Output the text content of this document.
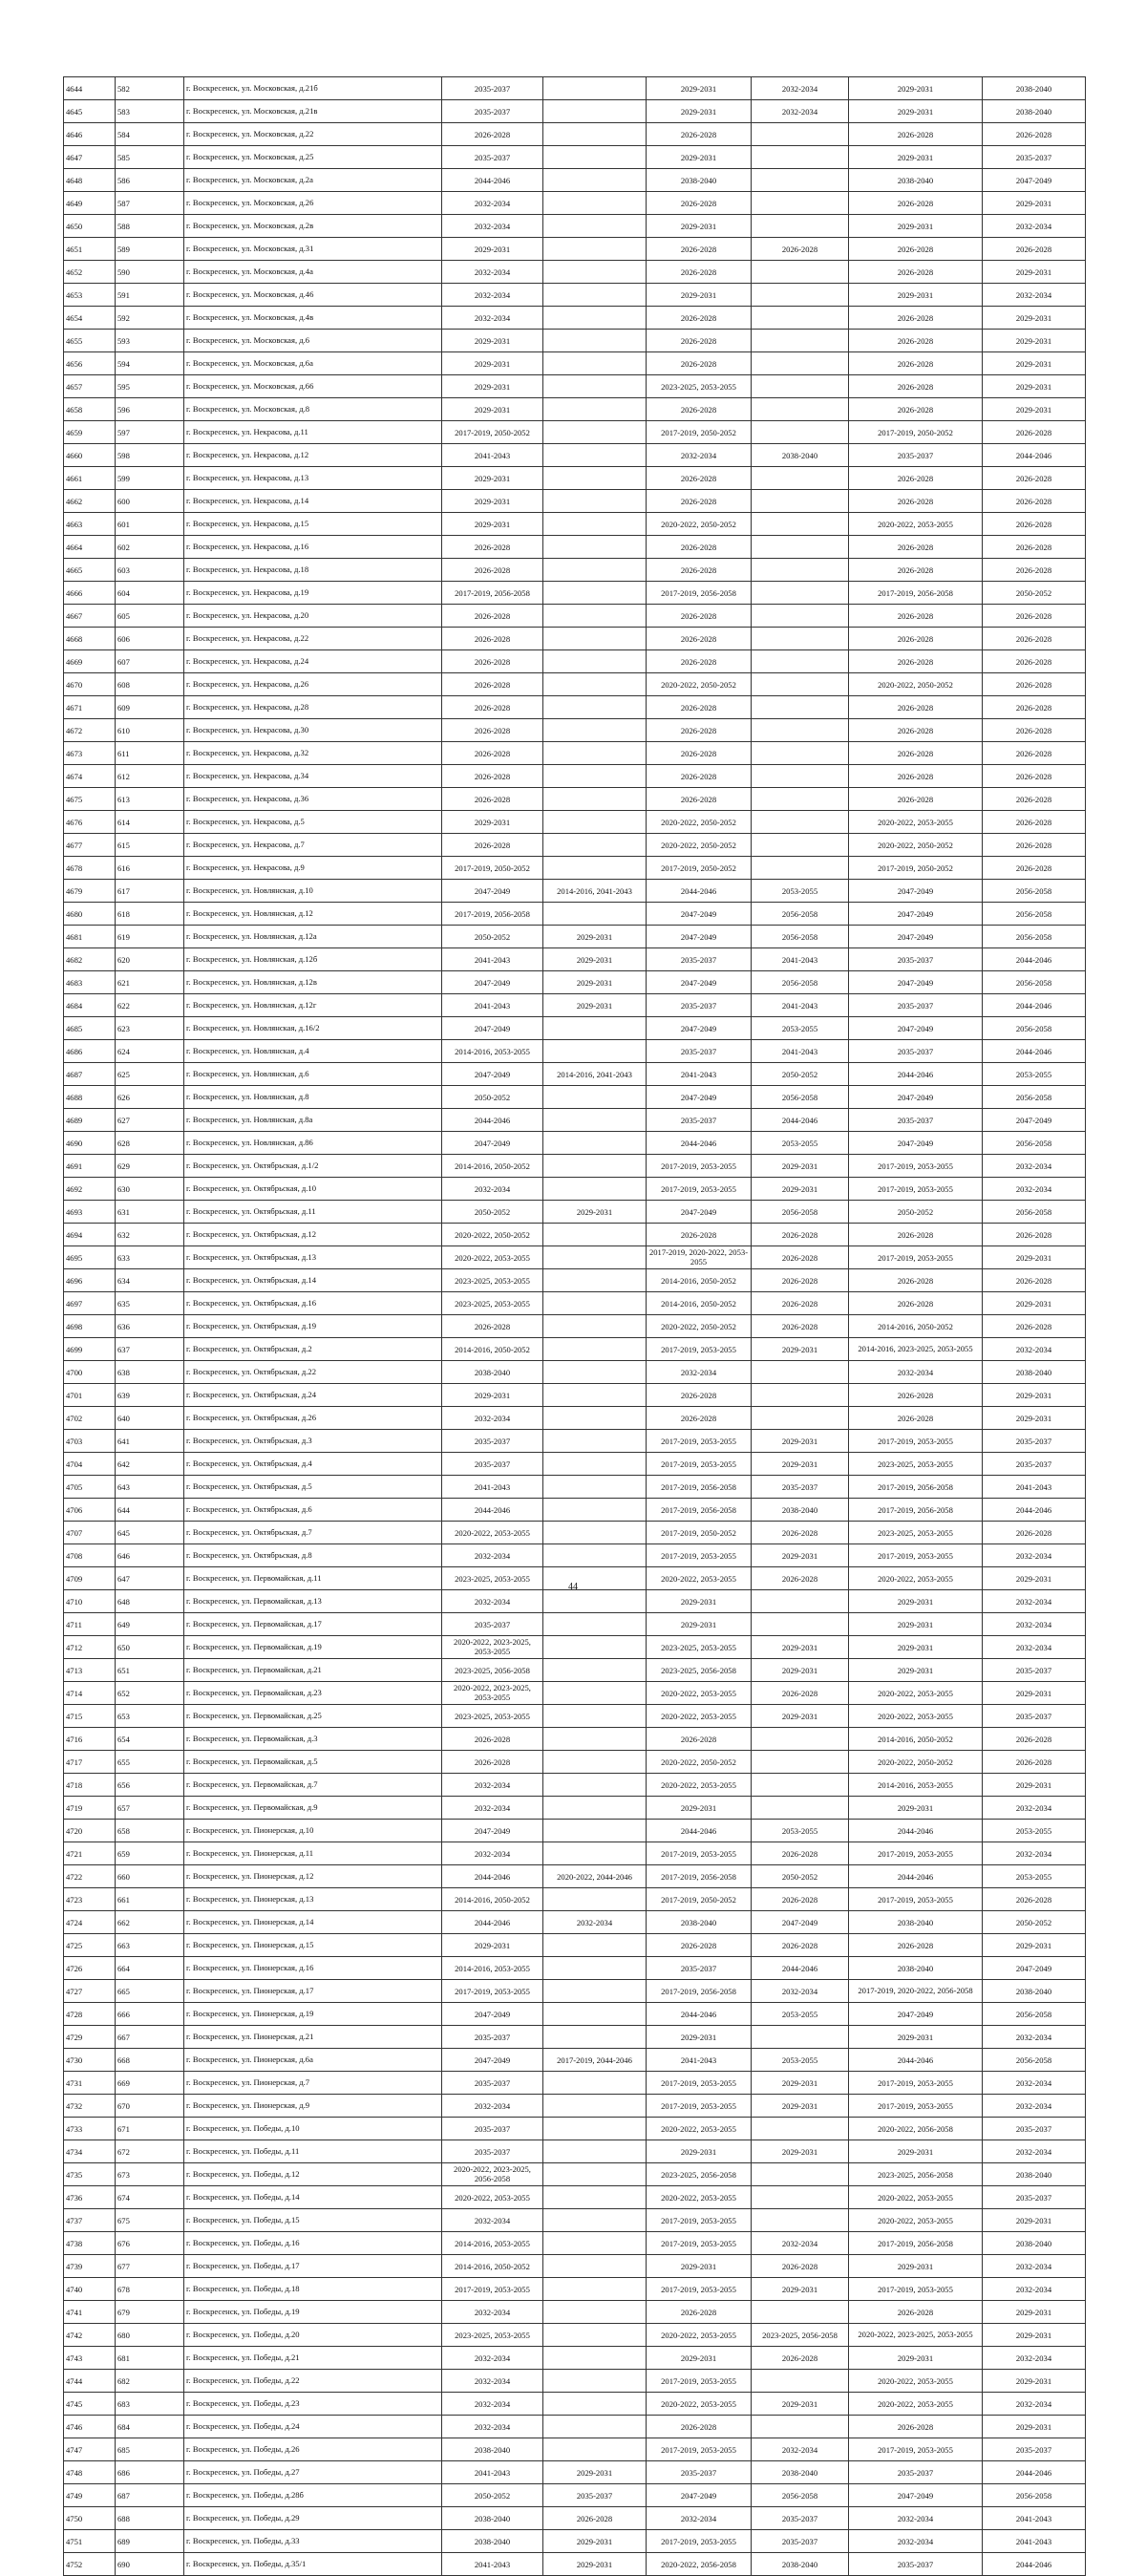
4644	582	г. Воскресенск, ул. Московская, д.21б	2035-2037		2029-2031	2032-2034	2029-2031	2038-2040
4645	583	г. Воскресенск, ул. Московская, д.21в	2035-2037		2029-2031	2032-2034	2029-2031	2038-2040
4646	584	г. Воскресенск, ул. Московская, д.22	2026-2028		2026-2028		2026-2028	2026-2028
4647	585	г. Воскресенск, ул. Московская, д.25	2035-2037		2029-2031		2029-2031	2035-2037
4648	586	г. Воскресенск, ул. Московская, д.2а	2044-2046		2038-2040		2038-2040	2047-2049
4649	587	г. Воскресенск, ул. Московская, д.26	2032-2034		2026-2028		2026-2028	2029-2031
4650	588	г. Воскресенск, ул. Московская, д.2в	2032-2034		2029-2031		2029-2031	2032-2034
4651	589	г. Воскресенск, ул. Московская, д.31	2029-2031		2026-2028	2026-2028	2026-2028	2026-2028
4652	590	г. Воскресенск, ул. Московская, д.4а	2032-2034		2026-2028		2026-2028	2029-2031
4653	591	г. Воскресенск, ул. Московская, д.46	2032-2034		2029-2031		2029-2031	2032-2034
4654	592	г. Воскресенск, ул. Московская, д.4в	2032-2034		2026-2028		2026-2028	2029-2031
4655	593	г. Воскресенск, ул. Московская, д.6	2029-2031		2026-2028		2026-2028	2029-2031
4656	594	г. Воскресенск, ул. Московская, д.6а	2029-2031		2026-2028		2026-2028	2029-2031
4657	595	г. Воскресенск, ул. Московская, д.66	2029-2031		2023-2025, 2053-2055		2026-2028	2029-2031
4658	596	г. Воскресенск, ул. Московская, д.8	2029-2031		2026-2028		2026-2028	2029-2031
4659	597	г. Воскресенск, ул. Некрасова, д.11	2017-2019, 2050-2052		2017-2019, 2050-2052		2017-2019, 2050-2052	2026-2028
4660	598	г. Воскресенск, ул. Некрасова, д.12	2041-2043		2032-2034	2038-2040	2035-2037	2044-2046
4661	599	г. Воскресенск, ул. Некрасова, д.13	2029-2031		2026-2028		2026-2028	2026-2028
4662	600	г. Воскресенск, ул. Некрасова, д.14	2029-2031		2026-2028		2026-2028	2026-2028
4663	601	г. Воскресенск, ул. Некрасова, д.15	2029-2031		2020-2022, 2050-2052		2020-2022, 2053-2055	2026-2028
4664	602	г. Воскресенск, ул. Некрасова, д.16	2026-2028		2026-2028		2026-2028	2026-2028
4665	603	г. Воскресенск, ул. Некрасова, д.18	2026-2028		2026-2028		2026-2028	2026-2028
4666	604	г. Воскресенск, ул. Некрасова, д.19	2017-2019, 2056-2058		2017-2019, 2056-2058		2017-2019, 2056-2058	2050-2052
4667	605	г. Воскресенск, ул. Некрасова, д.20	2026-2028		2026-2028		2026-2028	2026-2028
4668	606	г. Воскресенск, ул. Некрасова, д.22	2026-2028		2026-2028		2026-2028	2026-2028
4669	607	г. Воскресенск, ул. Некрасова, д.24	2026-2028		2026-2028		2026-2028	2026-2028
4670	608	г. Воскресенск, ул. Некрасова, д.26	2026-2028		2020-2022, 2050-2052		2020-2022, 2050-2052	2026-2028
4671	609	г. Воскресенск, ул. Некрасова, д.28	2026-2028		2026-2028		2026-2028	2026-2028
4672	610	г. Воскресенск, ул. Некрасова, д.30	2026-2028		2026-2028		2026-2028	2026-2028
4673	611	г. Воскресенск, ул. Некрасова, д.32	2026-2028		2026-2028		2026-2028	2026-2028
4674	612	г. Воскресенск, ул. Некрасова, д.34	2026-2028		2026-2028		2026-2028	2026-2028
4675	613	г. Воскресенск, ул. Некрасова, д.36	2026-2028		2026-2028		2026-2028	2026-2028
4676	614	г. Воскресенск, ул. Некрасова, д.5	2029-2031		2020-2022, 2050-2052		2020-2022, 2053-2055	2026-2028
4677	615	г. Воскресенск, ул. Некрасова, д.7	2026-2028		2020-2022, 2050-2052		2020-2022, 2050-2052	2026-2028
4678	616	г. Воскресенск, ул. Некрасова, д.9	2017-2019, 2050-2052		2017-2019, 2050-2052		2017-2019, 2050-2052	2026-2028
4679	617	г. Воскресенск, ул. Новлянская, д.10	2047-2049	2014-2016, 2041-2043	2044-2046	2053-2055	2047-2049	2056-2058
4680	618	г. Воскресенск, ул. Новлянская, д.12	2017-2019, 2056-2058		2047-2049	2056-2058	2047-2049	2056-2058
4681	619	г. Воскресенск, ул. Новлянская, д.12а	2050-2052	2029-2031	2047-2049	2056-2058	2047-2049	2056-2058
4682	620	г. Воскресенск, ул. Новлянская, д.12б	2041-2043	2029-2031	2035-2037	2041-2043	2035-2037	2044-2046
4683	621	г. Воскресенск, ул. Новлянская, д.12в	2047-2049	2029-2031	2047-2049	2056-2058	2047-2049	2056-2058
4684	622	г. Воскресенск, ул. Новлянская, д.12г	2041-2043	2029-2031	2035-2037	2041-2043	2035-2037	2044-2046
4685	623	г. Воскресенск, ул. Новлянская, д.16/2	2047-2049		2047-2049	2053-2055	2047-2049	2056-2058
4686	624	г. Воскресенск, ул. Новлянская, д.4	2014-2016, 2053-2055		2035-2037	2041-2043	2035-2037	2044-2046
4687	625	г. Воскресенск, ул. Новлянская, д.6	2047-2049	2014-2016, 2041-2043	2041-2043	2050-2052	2044-2046	2053-2055
4688	626	г. Воскресенск, ул. Новлянская, д.8	2050-2052		2047-2049	2056-2058	2047-2049	2056-2058
4689	627	г. Воскресенск, ул. Новлянская, д.8а	2044-2046		2035-2037	2044-2046	2035-2037	2047-2049
4690	628	г. Воскресенск, ул. Новлянская, д.86	2047-2049		2044-2046	2053-2055	2047-2049	2056-2058
4691	629	г. Воскресенск, ул. Октябрьская, д.1/2	2014-2016, 2050-2052		2017-2019, 2053-2055	2029-2031	2017-2019, 2053-2055	2032-2034
4692	630	г. Воскресенск, ул. Октябрьская, д.10	2032-2034		2017-2019, 2053-2055	2029-2031	2017-2019, 2053-2055	2032-2034
4693	631	г. Воскресенск, ул. Октябрьская, д.11	2050-2052	2029-2031	2047-2049	2056-2058	2050-2052	2056-2058
4694	632	г. Воскресенск, ул. Октябрьская, д.12	2020-2022, 2050-2052		2026-2028	2026-2028	2026-2028	2026-2028
4695	633	г. Воскресенск, ул. Октябрьская, д.13	2020-2022, 2053-2055		2017-2019, 2020-2022, 2053-2055	2026-2028	2017-2019, 2053-2055	2029-2031
4696	634	г. Воскресенск, ул. Октябрьская, д.14	2023-2025, 2053-2055		2014-2016, 2050-2052	2026-2028	2026-2028	2026-2028
4697	635	г. Воскресенск, ул. Октябрьская, д.16	2023-2025, 2053-2055		2014-2016, 2050-2052	2026-2028	2026-2028	2029-2031
4698	636	г. Воскресенск, ул. Октябрьская, д.19	2026-2028		2020-2022, 2050-2052	2026-2028	2014-2016, 2050-2052	2026-2028
4699	637	г. Воскресенск, ул. Октябрьская, д.2	2014-2016, 2050-2052		2017-2019, 2053-2055	2029-2031	2014-2016, 2023-2025, 2053-2055	2032-2034
4700	638	г. Воскресенск, ул. Октябрьская, д.22	2038-2040		2032-2034		2032-2034	2038-2040
4701	639	г. Воскресенск, ул. Октябрьская, д.24	2029-2031		2026-2028		2026-2028	2029-2031
4702	640	г. Воскресенск, ул. Октябрьская, д.26	2032-2034		2026-2028		2026-2028	2029-2031
4703	641	г. Воскресенск, ул. Октябрьская, д.3	2035-2037		2017-2019, 2053-2055	2029-2031	2017-2019, 2053-2055	2035-2037
4704	642	г. Воскресенск, ул. Октябрьская, д.4	2035-2037		2017-2019, 2053-2055	2029-2031	2023-2025, 2053-2055	2035-2037
4705	643	г. Воскресенск, ул. Октябрьская, д.5	2041-2043		2017-2019, 2056-2058	2035-2037	2017-2019, 2056-2058	2041-2043
4706	644	г. Воскресенск, ул. Октябрьская, д.6	2044-2046		2017-2019, 2056-2058	2038-2040	2017-2019, 2056-2058	2044-2046
4707	645	г. Воскресенск, ул. Октябрьская, д.7	2020-2022, 2053-2055		2017-2019, 2050-2052	2026-2028	2023-2025, 2053-2055	2026-2028
4708	646	г. Воскресенск, ул. Октябрьская, д.8	2032-2034		2017-2019, 2053-2055	2029-2031	2017-2019, 2053-2055	2032-2034
4709	647	г. Воскресенск, ул. Первомайская, д.11	2023-2025, 2053-2055		2020-2022, 2053-2055	2026-2028	2020-2022, 2053-2055	2029-2031
4710	648	г. Воскресенск, ул. Первомайская, д.13	2032-2034		2029-2031		2029-2031	2032-2034
4711	649	г. Воскресенск, ул. Первомайская, д.17	2035-2037		2029-2031		2029-2031	2032-2034
4712	650	г. Воскресенск, ул. Первомайская, д.19	2020-2022, 2023-2025, 2053-2055		2023-2025, 2053-2055	2029-2031	2029-2031	2032-2034
4713	651	г. Воскресенск, ул. Первомайская, д.21	2023-2025, 2056-2058		2023-2025, 2056-2058	2029-2031	2029-2031	2035-2037
4714	652	г. Воскресенск, ул. Первомайская, д.23	2020-2022, 2023-2025, 2053-2055		2020-2022, 2053-2055	2026-2028	2020-2022, 2053-2055	2029-2031
4715	653	г. Воскресенск, ул. Первомайская, д.25	2023-2025, 2053-2055		2020-2022, 2053-2055	2029-2031	2020-2022, 2053-2055	2035-2037
4716	654	г. Воскресенск, ул. Первомайская, д.3	2026-2028		2026-2028		2014-2016, 2050-2052	2026-2028
4717	655	г. Воскресенск, ул. Первомайская, д.5	2026-2028		2020-2022, 2050-2052		2020-2022, 2050-2052	2026-2028
4718	656	г. Воскресенск, ул. Первомайская, д.7	2032-2034		2020-2022, 2053-2055		2014-2016, 2053-2055	2029-2031
4719	657	г. Воскресенск, ул. Первомайская, д.9	2032-2034		2029-2031		2029-2031	2032-2034
4720	658	г. Воскресенск, ул. Пионерская, д.10	2047-2049		2044-2046	2053-2055	2044-2046	2053-2055
4721	659	г. Воскресенск, ул. Пионерская, д.11	2032-2034		2017-2019, 2053-2055	2026-2028	2017-2019, 2053-2055	2032-2034
4722	660	г. Воскресенск, ул. Пионерская, д.12	2044-2046	2020-2022, 2044-2046	2017-2019, 2056-2058	2050-2052	2044-2046	2053-2055
4723	661	г. Воскресенск, ул. Пионерская, д.13	2014-2016, 2050-2052		2017-2019, 2050-2052	2026-2028	2017-2019, 2053-2055	2026-2028
4724	662	г. Воскресенск, ул. Пионерская, д.14	2044-2046	2032-2034	2038-2040	2047-2049	2038-2040	2050-2052
4725	663	г. Воскресенск, ул. Пионерская, д.15	2029-2031		2026-2028	2026-2028	2026-2028	2029-2031
4726	664	г. Воскресенск, ул. Пионерская, д.16	2014-2016, 2053-2055		2035-2037	2044-2046	2038-2040	2047-2049
4727	665	г. Воскресенск, ул. Пионерская, д.17	2017-2019, 2053-2055		2017-2019, 2056-2058	2032-2034	2017-2019, 2020-2022, 2056-2058	2038-2040
4728	666	г. Воскресенск, ул. Пионерская, д.19	2047-2049		2044-2046	2053-2055	2047-2049	2056-2058
4729	667	г. Воскресенск, ул. Пионерская, д.21	2035-2037		2029-2031		2029-2031	2032-2034
4730	668	г. Воскресенск, ул. Пионерская, д.6а	2047-2049	2017-2019, 2044-2046	2041-2043	2053-2055	2044-2046	2056-2058
4731	669	г. Воскресенск, ул. Пионерская, д.7	2035-2037		2017-2019, 2053-2055	2029-2031	2017-2019, 2053-2055	2032-2034
4732	670	г. Воскресенск, ул. Пионерская, д.9	2032-2034		2017-2019, 2053-2055	2029-2031	2017-2019, 2053-2055	2032-2034
4733	671	г. Воскресенск, ул. Победы, д.10	2035-2037		2020-2022, 2053-2055		2020-2022, 2056-2058	2035-2037
4734	672	г. Воскресенск, ул. Победы, д.11	2035-2037		2029-2031	2029-2031	2029-2031	2032-2034
4735	673	г. Воскресенск, ул. Победы, д.12	2020-2022, 2023-2025, 2056-2058		2023-2025, 2056-2058		2023-2025, 2056-2058	2038-2040
4736	674	г. Воскресенск, ул. Победы, д.14	2020-2022, 2053-2055		2020-2022, 2053-2055		2020-2022, 2053-2055	2035-2037
4737	675	г. Воскресенск, ул. Победы, д.15	2032-2034		2017-2019, 2053-2055		2020-2022, 2053-2055	2029-2031
4738	676	г. Воскресенск, ул. Победы, д.16	2014-2016, 2053-2055		2017-2019, 2053-2055	2032-2034	2017-2019, 2056-2058	2038-2040
4739	677	г. Воскресенск, ул. Победы, д.17	2014-2016, 2050-2052		2029-2031	2026-2028	2029-2031	2032-2034
4740	678	г. Воскресенск, ул. Победы, д.18	2017-2019, 2053-2055		2017-2019, 2053-2055	2029-2031	2017-2019, 2053-2055	2032-2034
4741	679	г. Воскресенск, ул. Победы, д.19	2032-2034		2026-2028		2026-2028	2029-2031
4742	680	г. Воскресенск, ул. Победы, д.20	2023-2025, 2053-2055		2020-2022, 2053-2055	2023-2025, 2056-2058	2020-2022, 2023-2025, 2053-2055	2029-2031
4743	681	г. Воскресенск, ул. Победы, д.21	2032-2034		2029-2031	2026-2028	2029-2031	2032-2034
4744	682	г. Воскресенск, ул. Победы, д.22	2032-2034		2017-2019, 2053-2055		2020-2022, 2053-2055	2029-2031
4745	683	г. Воскресенск, ул. Победы, д.23	2032-2034		2020-2022, 2053-2055	2029-2031	2020-2022, 2053-2055	2032-2034
4746	684	г. Воскресенск, ул. Победы, д.24	2032-2034		2026-2028		2026-2028	2029-2031
4747	685	г. Воскресенск, ул. Победы, д.26	2038-2040		2017-2019, 2053-2055	2032-2034	2017-2019, 2053-2055	2035-2037
4748	686	г. Воскресенск, ул. Победы, д.27	2041-2043	2029-2031	2035-2037	2038-2040	2035-2037	2044-2046
4749	687	г. Воскресенск, ул. Победы, д.28б	2050-2052	2035-2037	2047-2049	2056-2058	2047-2049	2056-2058
4750	688	г. Воскресенск, ул. Победы, д.29	2038-2040	2026-2028	2032-2034	2035-2037	2032-2034	2041-2043
4751	689	г. Воскресенск, ул. Победы, д.33	2038-2040	2029-2031	2017-2019, 2053-2055	2035-2037	2032-2034	2041-2043
4752	690	г. Воскресенск, ул. Победы, д.35/1	2041-2043	2029-2031	2020-2022, 2056-2058	2038-2040	2035-2037	2044-2046
44
